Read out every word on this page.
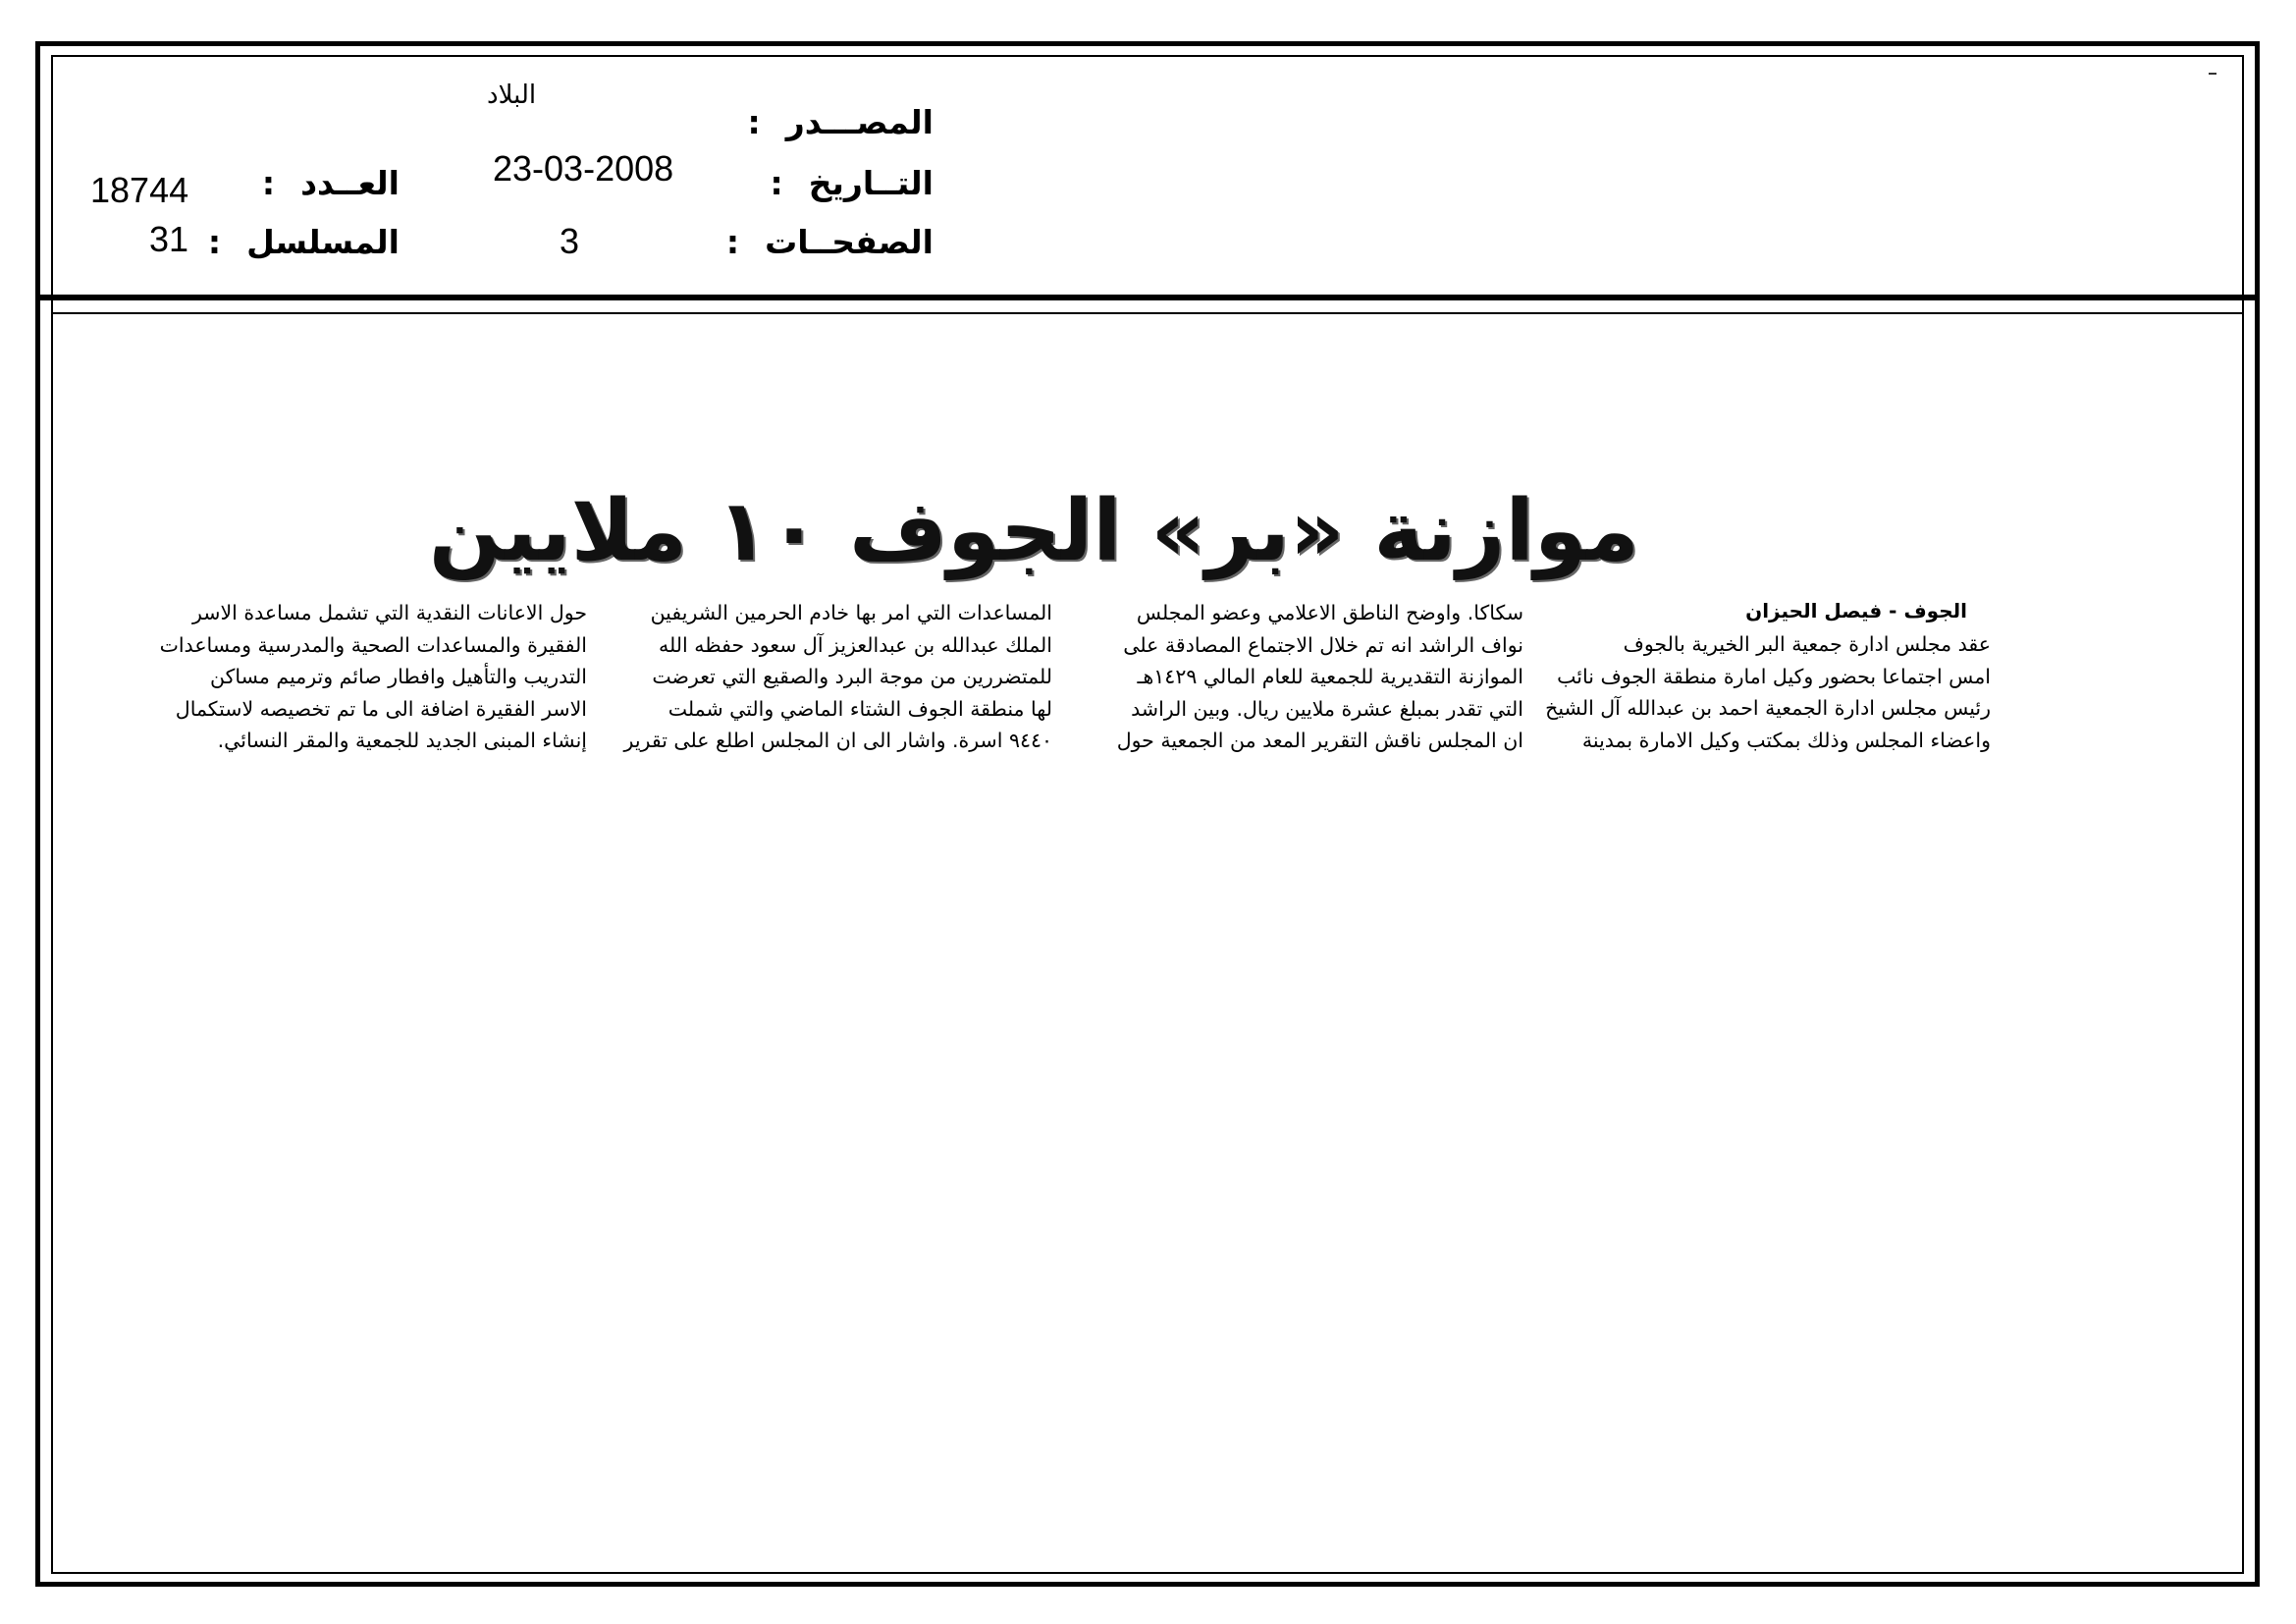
المصـــدر:
التــاريخ:
الصفحــات:
البلاد
23-03-2008
3
العــدد:
المسلسل:
18744
31
موازنة «بر» الجوف ١٠ ملايين
الجوف - فيصل الحيزان

عقد مجلس ادارة جمعية البر الخيرية بالجوف

امس اجتماعا بحضور وكيل امارة منطقة الجوف نائب

رئيس مجلس ادارة الجمعية احمد بن عبدالله آل الشيخ

واعضاء المجلس وذلك بمكتب وكيل الامارة بمدينة

سكاكا. واوضح الناطق الاعلامي وعضو المجلس

نواف الراشد انه تم خلال الاجتماع المصادقة على

الموازنة التقديرية للجمعية للعام المالي ١٤٢٩هـ

التي تقدر بمبلغ عشرة ملايين ريال. وبين الراشد

ان المجلس ناقش التقرير المعد من الجمعية حول

المساعدات التي امر بها خادم الحرمين الشريفين

الملك عبدالله بن عبدالعزيز آل سعود حفظه الله

للمتضررين من موجة البرد والصقيع التي تعرضت

لها منطقة الجوف الشتاء الماضي والتي شملت

٩٤٤٠ اسرة. واشار الى ان المجلس اطلع على تقرير

حول الاعانات النقدية التي تشمل مساعدة الاسر

الفقيرة والمساعدات الصحية والمدرسية ومساعدات

التدريب والتأهيل وافطار صائم وترميم مساكن

الاسر الفقيرة اضافة الى ما تم تخصيصه لاستكمال

إنشاء المبنى الجديد للجمعية والمقر النسائي.
